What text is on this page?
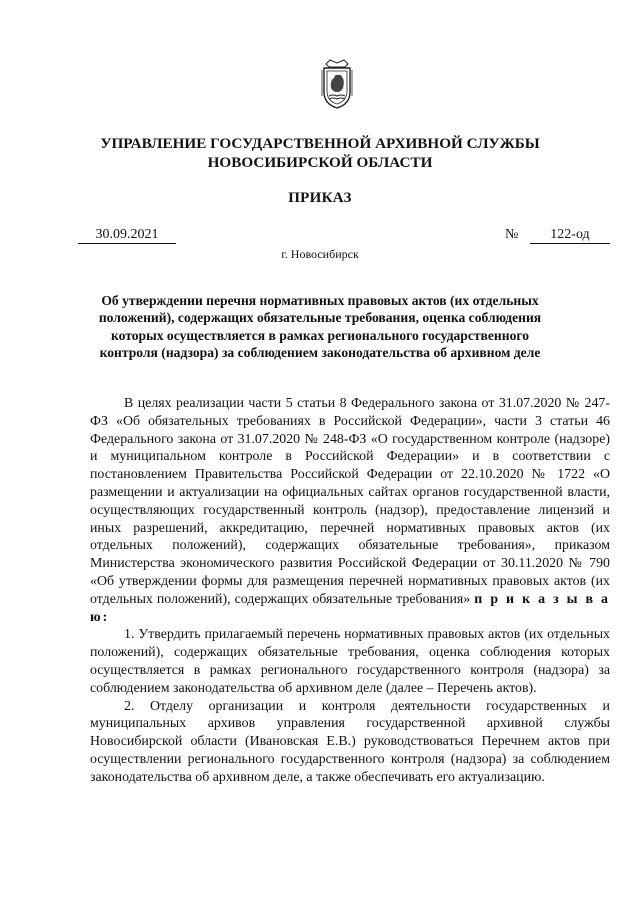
УПРАВЛЕНИЕ ГОСУДАРСТВЕННОЙ АРХИВНОЙ СЛУЖБЫ
НОВОСИБИРСКОЙ ОБЛАСТИ
ПРИКАЗ
30.09.2021	№	122-од
г. Новосибирск
Об утверждении перечня нормативных правовых актов (их отдельных положений), содержащих обязательные требования, оценка соблюдения которых осуществляется в рамках регионального государственного контроля (надзора) за соблюдением законодательства об архивном деле

В целях реализации части 5 статьи 8 Федерального закона от 31.07.2020 № 247-ФЗ «Об обязательных требованиях в Российской Федерации», части 3 статьи 46 Федерального закона от 31.07.2020 № 248-ФЗ «О государственном контроле (надзоре) и муниципальном контроле в Российской Федерации» и в соответствии с постановлением Правительства Российской Федерации от 22.10.2020 № 1722 «О размещении и актуализации на официальных сайтах органов государственной власти, осуществляющих государственный контроль (надзор), предоставление лицензий и иных разрешений, аккредитацию, перечней нормативных правовых актов (их отдельных положений), содержащих обязательные требования», приказом Министерства экономического развития Российской Федерации от 30.11.2020 № 790 «Об утверждении формы для размещения перечней нормативных правовых актов (их отдельных положений), содержащих обязательные требования» п р и к а з ы в а ю:

1. Утвердить прилагаемый перечень нормативных правовых актов (их отдельных положений), содержащих обязательные требования, оценка соблюдения которых осуществляется в рамках регионального государственного контроля (надзора) за соблюдением законодательства об архивном деле (далее – Перечень актов).

2. Отделу организации и контроля деятельности государственных и муниципальных архивов управления государственной архивной службы Новосибирской области (Ивановская Е.В.) руководствоваться Перечнем актов при осуществлении регионального государственного контроля (надзора) за соблюдением законодательства об архивном деле, а также обеспечивать его актуализацию.
